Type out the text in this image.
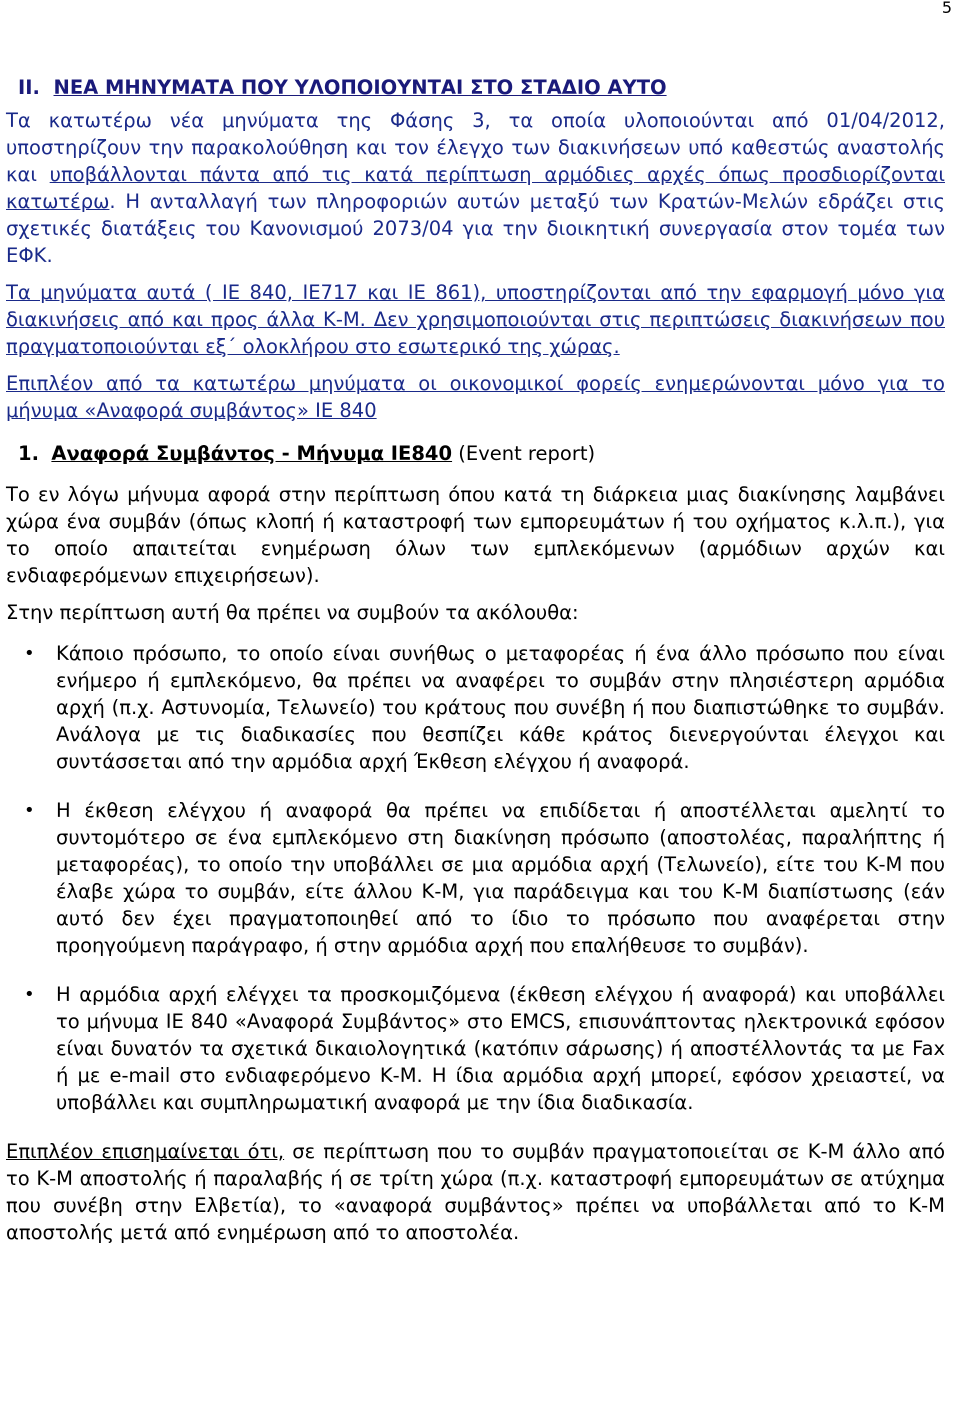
5
II. ΝΕΑ ΜΗΝΥΜΑΤΑ ΠΟΥ ΥΛΟΠΟΙΟΥΝΤΑΙ ΣΤΟ ΣΤΑΔΙΟ ΑΥΤΟ

Τα κατωτέρω νέα μηνύματα της Φάσης 3, τα οποία υλοποιούνται από 01/04/2012, υποστηρίζουν την παρακολούθηση και τον έλεγχο των διακινήσεων υπό καθεστώς αναστολής και υποβάλλονται πάντα από τις κατά περίπτωση αρμόδιες αρχές όπως προσδιορίζονται κατωτέρω. Η ανταλλαγή των πληροφοριών αυτών μεταξύ των Κρατών-Μελών εδράζει στις σχετικές διατάξεις του Κανονισμού 2073/04 για την διοικητική συνεργασία στον τομέα των ΕΦΚ.

Τα μηνύματα αυτά ( ΙΕ 840, ΙΕ717 και ΙΕ 861), υποστηρίζονται από την εφαρμογή μόνο για διακινήσεις από και προς άλλα Κ-Μ. Δεν χρησιμοποιούνται στις περιπτώσεις διακινήσεων που πραγματοποιούνται εξ΄ ολοκλήρου στο εσωτερικό της χώρας.

Επιπλέον από τα κατωτέρω μηνύματα οι οικονομικοί φορείς ενημερώνονται μόνο για το μήνυμα «Αναφορά συμβάντος» ΙΕ 840

1. Αναφορά Συμβάντος - Μήνυμα ΙΕ840 (Event report)

Το εν λόγω μήνυμα αφορά στην περίπτωση όπου κατά τη διάρκεια μιας διακίνησης λαμβάνει χώρα ένα συμβάν (όπως κλοπή ή καταστροφή των εμπορευμάτων ή του οχήματος κ.λ.π.), για το οποίο απαιτείται ενημέρωση όλων των εμπλεκόμενων (αρμόδιων αρχών και ενδιαφερόμενων επιχειρήσεων).

Στην περίπτωση αυτή θα πρέπει να συμβούν τα ακόλουθα:

• Κάποιο πρόσωπο, το οποίο είναι συνήθως ο μεταφορέας ή ένα άλλο πρόσωπο που είναι ενήμερο ή εμπλεκόμενο, θα πρέπει να αναφέρει το συμβάν στην πλησιέστερη αρμόδια αρχή (π.χ. Αστυνομία, Τελωνείο) του κράτους που συνέβη ή που διαπιστώθηκε το συμβάν. Ανάλογα με τις διαδικασίες που θεσπίζει κάθε κράτος διενεργούνται έλεγχοι και συντάσσεται από την αρμόδια αρχή Έκθεση ελέγχου ή αναφορά.
• Η έκθεση ελέγχου ή αναφορά θα πρέπει να επιδίδεται ή αποστέλλεται αμελητί το συντομότερο σε ένα εμπλεκόμενο στη διακίνηση πρόσωπο (αποστολέας, παραλήπτης ή μεταφορέας), το οποίο την υποβάλλει σε μια αρμόδια αρχή (Τελωνείο), είτε του Κ-Μ που έλαβε χώρα το συμβάν, είτε άλλου Κ-Μ, για παράδειγμα και του Κ-Μ διαπίστωσης (εάν αυτό δεν έχει πραγματοποιηθεί από το ίδιο το πρόσωπο που αναφέρεται στην προηγούμενη παράγραφο, ή στην αρμόδια αρχή που επαλήθευσε το συμβάν).
• Η αρμόδια αρχή ελέγχει τα προσκομιζόμενα (έκθεση ελέγχου ή αναφορά) και υποβάλλει το μήνυμα ΙΕ 840 «Αναφορά Συμβάντος» στο EMCS, επισυνάπτοντας ηλεκτρονικά εφόσον είναι δυνατόν τα σχετικά δικαιολογητικά (κατόπιν σάρωσης) ή αποστέλλοντάς τα με Fax ή με e-mail στο ενδιαφερόμενο Κ-Μ. Η ίδια αρμόδια αρχή μπορεί, εφόσον χρειαστεί, να υποβάλλει και συμπληρωματική αναφορά με την ίδια διαδικασία.

Επιπλέον επισημαίνεται ότι, σε περίπτωση που το συμβάν πραγματοποιείται σε Κ-Μ άλλο από το Κ-Μ αποστολής ή παραλαβής ή σε τρίτη χώρα (π.χ. καταστροφή εμπορευμάτων σε ατύχημα που συνέβη στην Ελβετία), το «αναφορά συμβάντος» πρέπει να υποβάλλεται από το Κ-Μ αποστολής μετά από ενημέρωση από το αποστολέα.
